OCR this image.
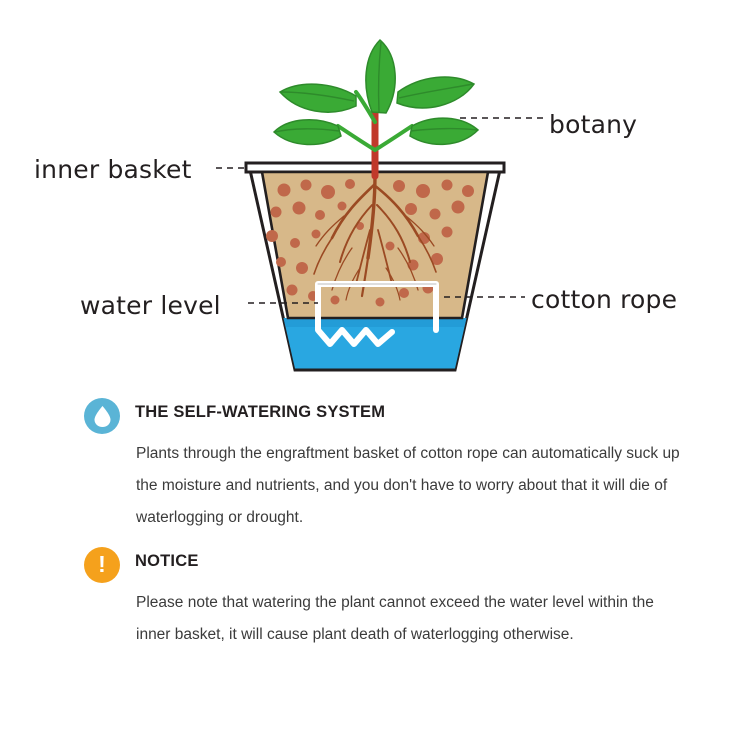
botany
inner basket
water level	cotton rope
THE SELF-WATERING SYSTEM
Plants through the engraftment basket of cotton rope can automatically suck up the moisture and nutrients, and you don't have to worry about that it will die of waterlogging or drought.
! NOTICE
Please note that watering the plant cannot exceed the water level within the inner basket, it will cause plant death of waterlogging otherwise.
